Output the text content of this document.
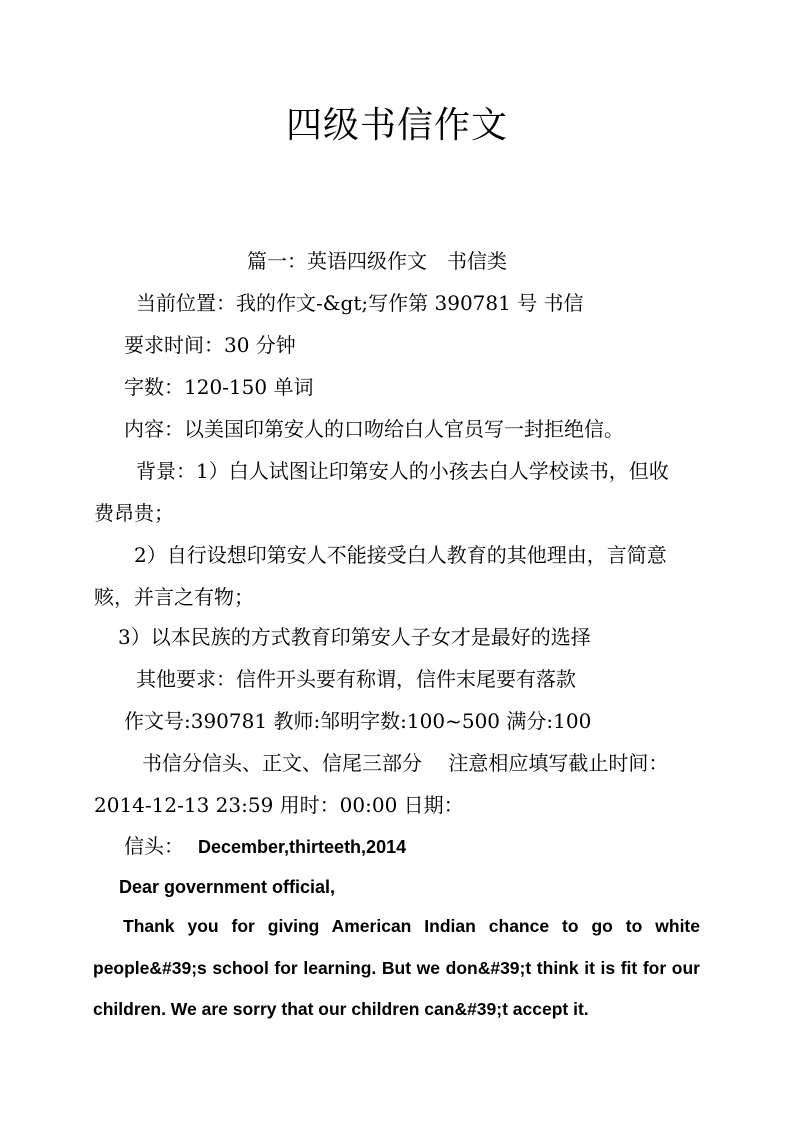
四级书信作文
篇一：英语四级作文　书信类
当前位置：我的作文-&gt;写作第 390781 号 书信
要求时间：30 分钟
字数：120-150 单词
内容：以美国印第安人的口吻给白人官员写一封拒绝信。
背景：1）白人试图让印第安人的小孩去白人学校读书，但收
费昂贵；
2）自行设想印第安人不能接受白人教育的其他理由，言简意
赅，并言之有物；
3）以本民族的方式教育印第安人子女才是最好的选择
其他要求：信件开头要有称谓，信件末尾要有落款
作文号:390781 教师:邹明字数:100~500 满分:100
书信分信头、正文、信尾三部分　 注意相应填写截止时间：
2014-12-13 23:59 用时：00:00 日期：
信头： December,thirteeth,2014
Dear government official,
Thank you for giving American Indian chance to go to white people&#39;s school for learning. But we don&#39;t think it is fit for our children. We are sorry that our children can&#39;t accept it.
